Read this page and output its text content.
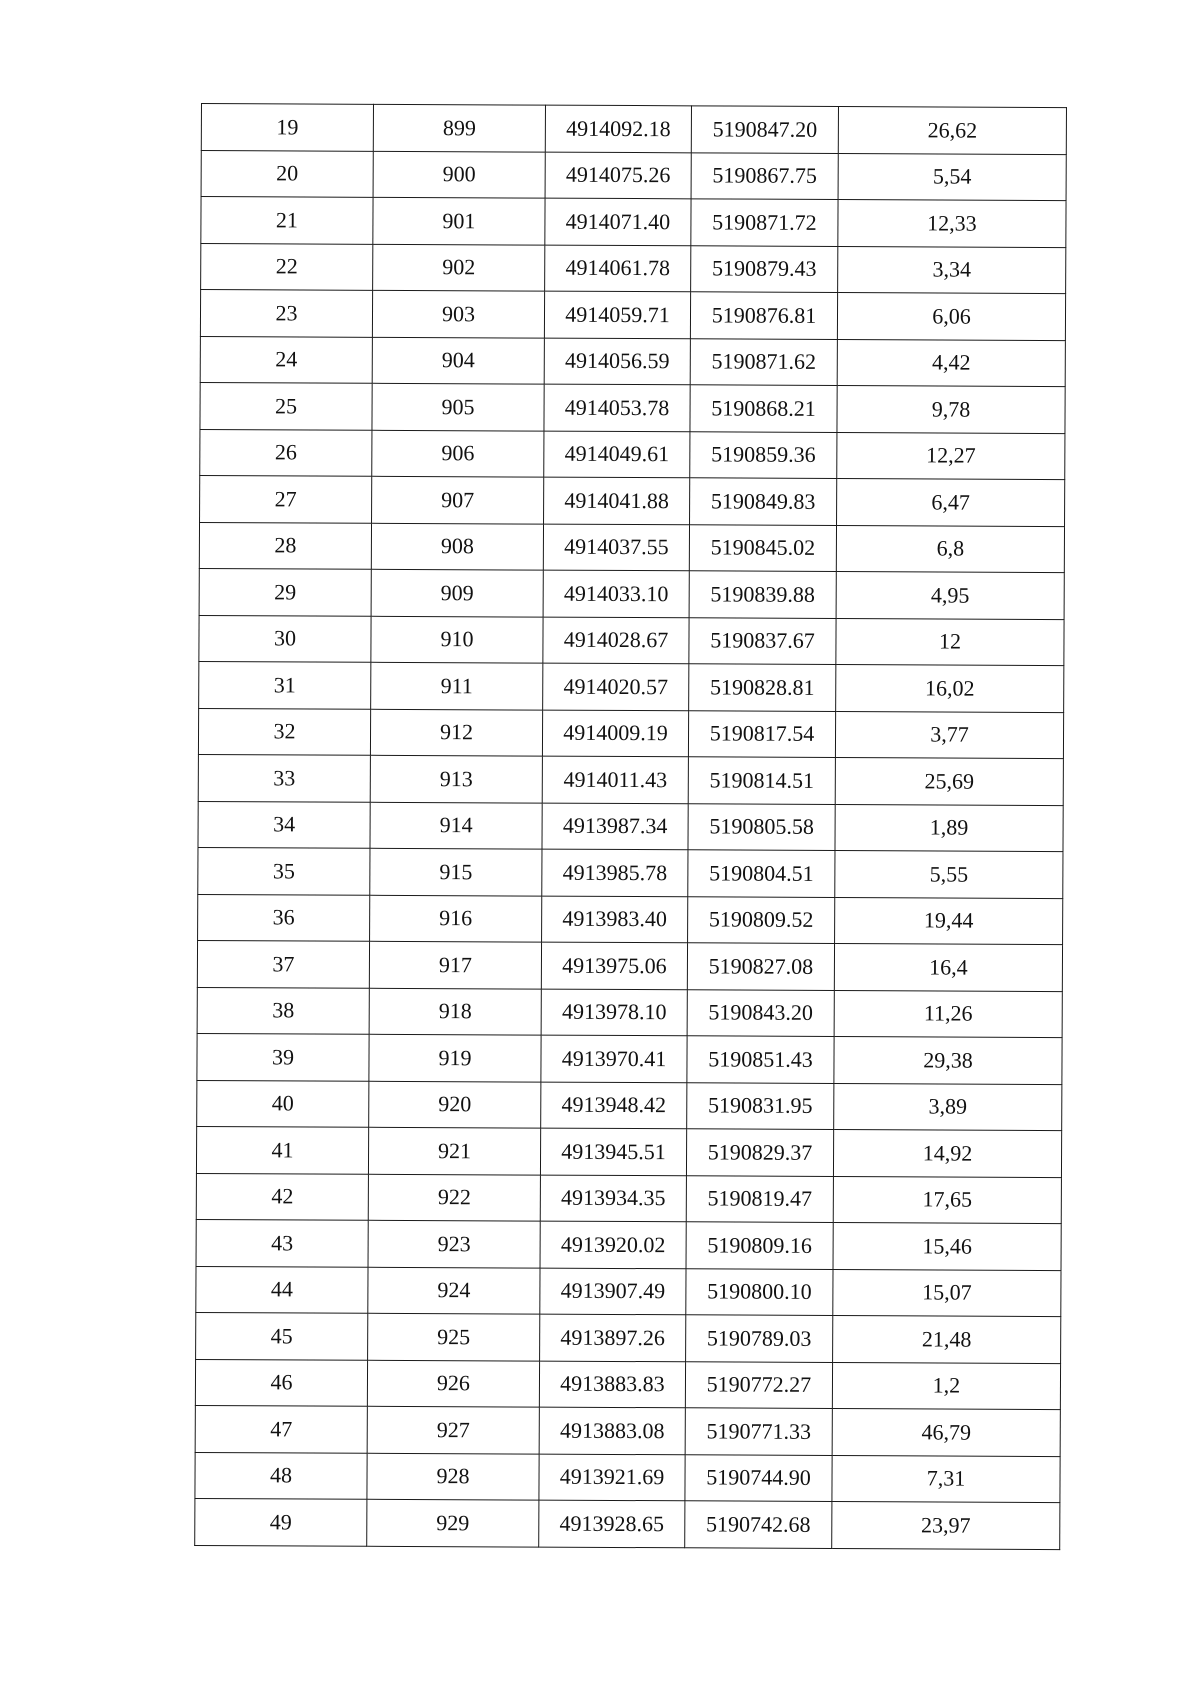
19	899	4914092.18	5190847.20	26,62
20	900	4914075.26	5190867.75	5,54
21	901	4914071.40	5190871.72	12,33
22	902	4914061.78	5190879.43	3,34
23	903	4914059.71	5190876.81	6,06
24	904	4914056.59	5190871.62	4,42
25	905	4914053.78	5190868.21	9,78
26	906	4914049.61	5190859.36	12,27
27	907	4914041.88	5190849.83	6,47
28	908	4914037.55	5190845.02	6,8
29	909	4914033.10	5190839.88	4,95
30	910	4914028.67	5190837.67	12
31	911	4914020.57	5190828.81	16,02
32	912	4914009.19	5190817.54	3,77
33	913	4914011.43	5190814.51	25,69
34	914	4913987.34	5190805.58	1,89
35	915	4913985.78	5190804.51	5,55
36	916	4913983.40	5190809.52	19,44
37	917	4913975.06	5190827.08	16,4
38	918	4913978.10	5190843.20	11,26
39	919	4913970.41	5190851.43	29,38
40	920	4913948.42	5190831.95	3,89
41	921	4913945.51	5190829.37	14,92
42	922	4913934.35	5190819.47	17,65
43	923	4913920.02	5190809.16	15,46
44	924	4913907.49	5190800.10	15,07
45	925	4913897.26	5190789.03	21,48
46	926	4913883.83	5190772.27	1,2
47	927	4913883.08	5190771.33	46,79
48	928	4913921.69	5190744.90	7,31
49	929	4913928.65	5190742.68	23,97
